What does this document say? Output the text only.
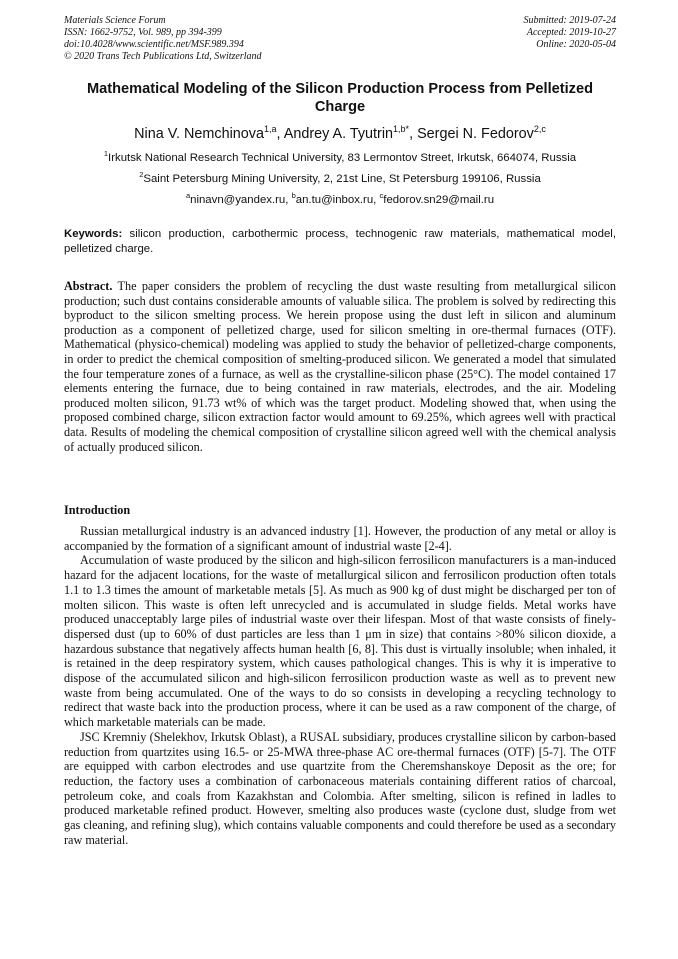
Materials Science Forum
ISSN: 1662-9752, Vol. 989, pp 394-399
doi:10.4028/www.scientific.net/MSF.989.394
© 2020 Trans Tech Publications Ltd, Switzerland
Submitted: 2019-07-24
Accepted: 2019-10-27
Online: 2020-05-04
Mathematical Modeling of the Silicon Production Process from Pelletized Charge
Nina V. Nemchinova$^{1,a}$, Andrey A. Tyutrin$^{1,b*}$, Sergei N. Fedorov$^{2,c}$
$^1$Irkutsk National Research Technical University, 83 Lermontov Street, Irkutsk, 664074, Russia
$^2$Saint Petersburg Mining University, 2, 21st Line, St Petersburg 199106, Russia
$^a$ninavn@yandex.ru, $^b$an.tu@inbox.ru, $^c$fedorov.sn29@mail.ru
Keywords: silicon production, carbothermic process, technogenic raw materials, mathematical model, pelletized charge.
Abstract. The paper considers the problem of recycling the dust waste resulting from metallurgical silicon production; such dust contains considerable amounts of valuable silica. The problem is solved by redirecting this byproduct to the silicon smelting process. We herein propose using the dust left in silicon and aluminum production as a component of pelletized charge, used for silicon smelting in ore-thermal furnaces (OTF). Mathematical (physico-chemical) modeling was applied to study the behavior of pelletized-charge components, in order to predict the chemical composition of smelting-produced silicon. We generated a model that simulated the four temperature zones of a furnace, as well as the crystalline-silicon phase (25°C). The model contained 17 elements entering the furnace, due to being contained in raw materials, electrodes, and the air. Modeling produced molten silicon, 91.73 wt% of which was the target product. Modeling showed that, when using the proposed combined charge, silicon extraction factor would amount to 69.25%, which agrees well with practical data. Results of modeling the chemical composition of crystalline silicon agreed well with the chemical analysis of actually produced silicon.
Introduction

Russian metallurgical industry is an advanced industry [1]. However, the production of any metal or alloy is accompanied by the formation of a significant amount of industrial waste [2-4].

Accumulation of waste produced by the silicon and high-silicon ferrosilicon manufacturers is a man-induced hazard for the adjacent locations, for the waste of metallurgical silicon and ferrosilicon production often totals 1.1 to 1.3 times the amount of marketable metals [5]. As much as 900 kg of dust might be discharged per ton of molten silicon. This waste is often left unrecycled and is accumulated in sludge fields. Metal works have produced unacceptably large piles of industrial waste over their lifespan. Most of that waste consists of finely-dispersed dust (up to 60% of dust particles are less than 1 μm in size) that contains >80% silicon dioxide, a hazardous substance that negatively affects human health [6, 8]. This dust is virtually insoluble; when inhaled, it is retained in the deep respiratory system, which causes pathological changes. This is why it is imperative to dispose of the accumulated silicon and high-silicon ferrosilicon production waste as well as to prevent new waste from being accumulated. One of the ways to do so consists in developing a recycling technology to redirect that waste back into the production process, where it can be used as a raw component of the charge, of which marketable materials can be made.

JSC Kremniy (Shelekhov, Irkutsk Oblast), a RUSAL subsidiary, produces crystalline silicon by carbon-based reduction from quartzites using 16.5- or 25-MWA three-phase AC ore-thermal furnaces (OTF) [5-7]. The OTF are equipped with carbon electrodes and use quartzite from the Cheremshanskoye Deposit as the ore; for reduction, the factory uses a combination of carbonaceous materials containing different ratios of charcoal, petroleum coke, and coals from Kazakhstan and Colombia. After smelting, silicon is refined in ladles to produced marketable refined product. However, smelting also produces waste (cyclone dust, sludge from wet gas cleaning, and refining slug), which contains valuable components and could therefore be used as a secondary raw material.
